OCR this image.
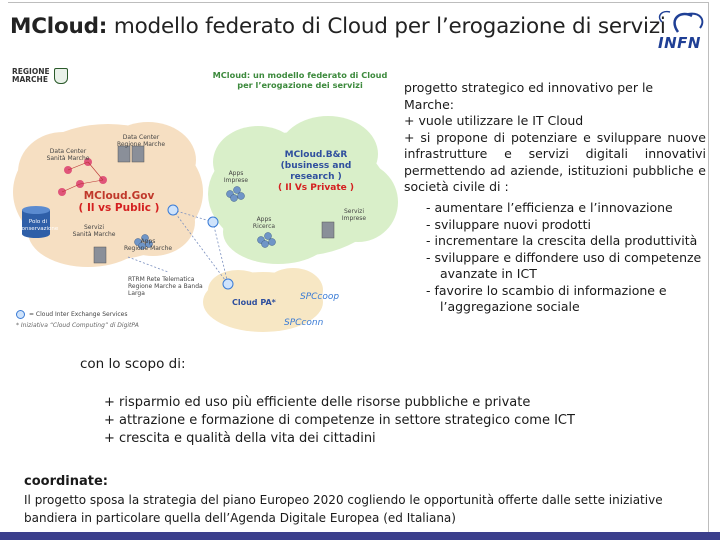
MCloud: modello federato di Cloud per l’erogazione di servizi
INFN
REGIONE
MARCHE	MCloud: un modello federato di Cloud
per l’erogazione dei servizi
Data Center
Sanità Marche
Data Center
Regione Marche
Polo di Conservazione	Servizi
Sanità Marche
Apps
Regione Marche
MCloud.Gov
( Il vs Public )
MCloud.B&R
(business and
research )
( Il Vs Private )
Apps
Imprese
Apps
Ricerca
Servizi
Imprese
RTRM Rete Telematica
Regione Marche a Banda
Larga
Cloud PA*
SPCcoop
SPCconn
= Cloud Inter Exchange Services
* Iniziativa “Cloud Computing” di DigitPA

progetto strategico ed innovativo per le Marche:

+ vuole utilizzare le IT Cloud

+ si propone di potenziare e sviluppare nuove

infrastrutture e servizi digitali innovativi

permettendo ad aziende, istituzioni pubbliche e

società civile di :

- aumentare l’efficienza e l’innovazione

- sviluppare nuovi prodotti

- incrementare la crescita della produttività

- sviluppare e diffondere uso di competenze

avanzate in ICT

- favorire lo scambio di informazione e

l’aggregazione sociale

con lo scopo di:
+ risparmio ed uso più efficiente delle risorse pubbliche e private
+ attrazione e formazione di competenze in settore strategico come ICT
+ crescita e qualità della vita dei cittadini
coordinate:
Il progetto sposa la strategia del piano Europeo 2020 cogliendo le opportunità offerte dalle sette iniziative
bandiera in particolare quella dell’Agenda Digitale Europea (ed Italiana)
